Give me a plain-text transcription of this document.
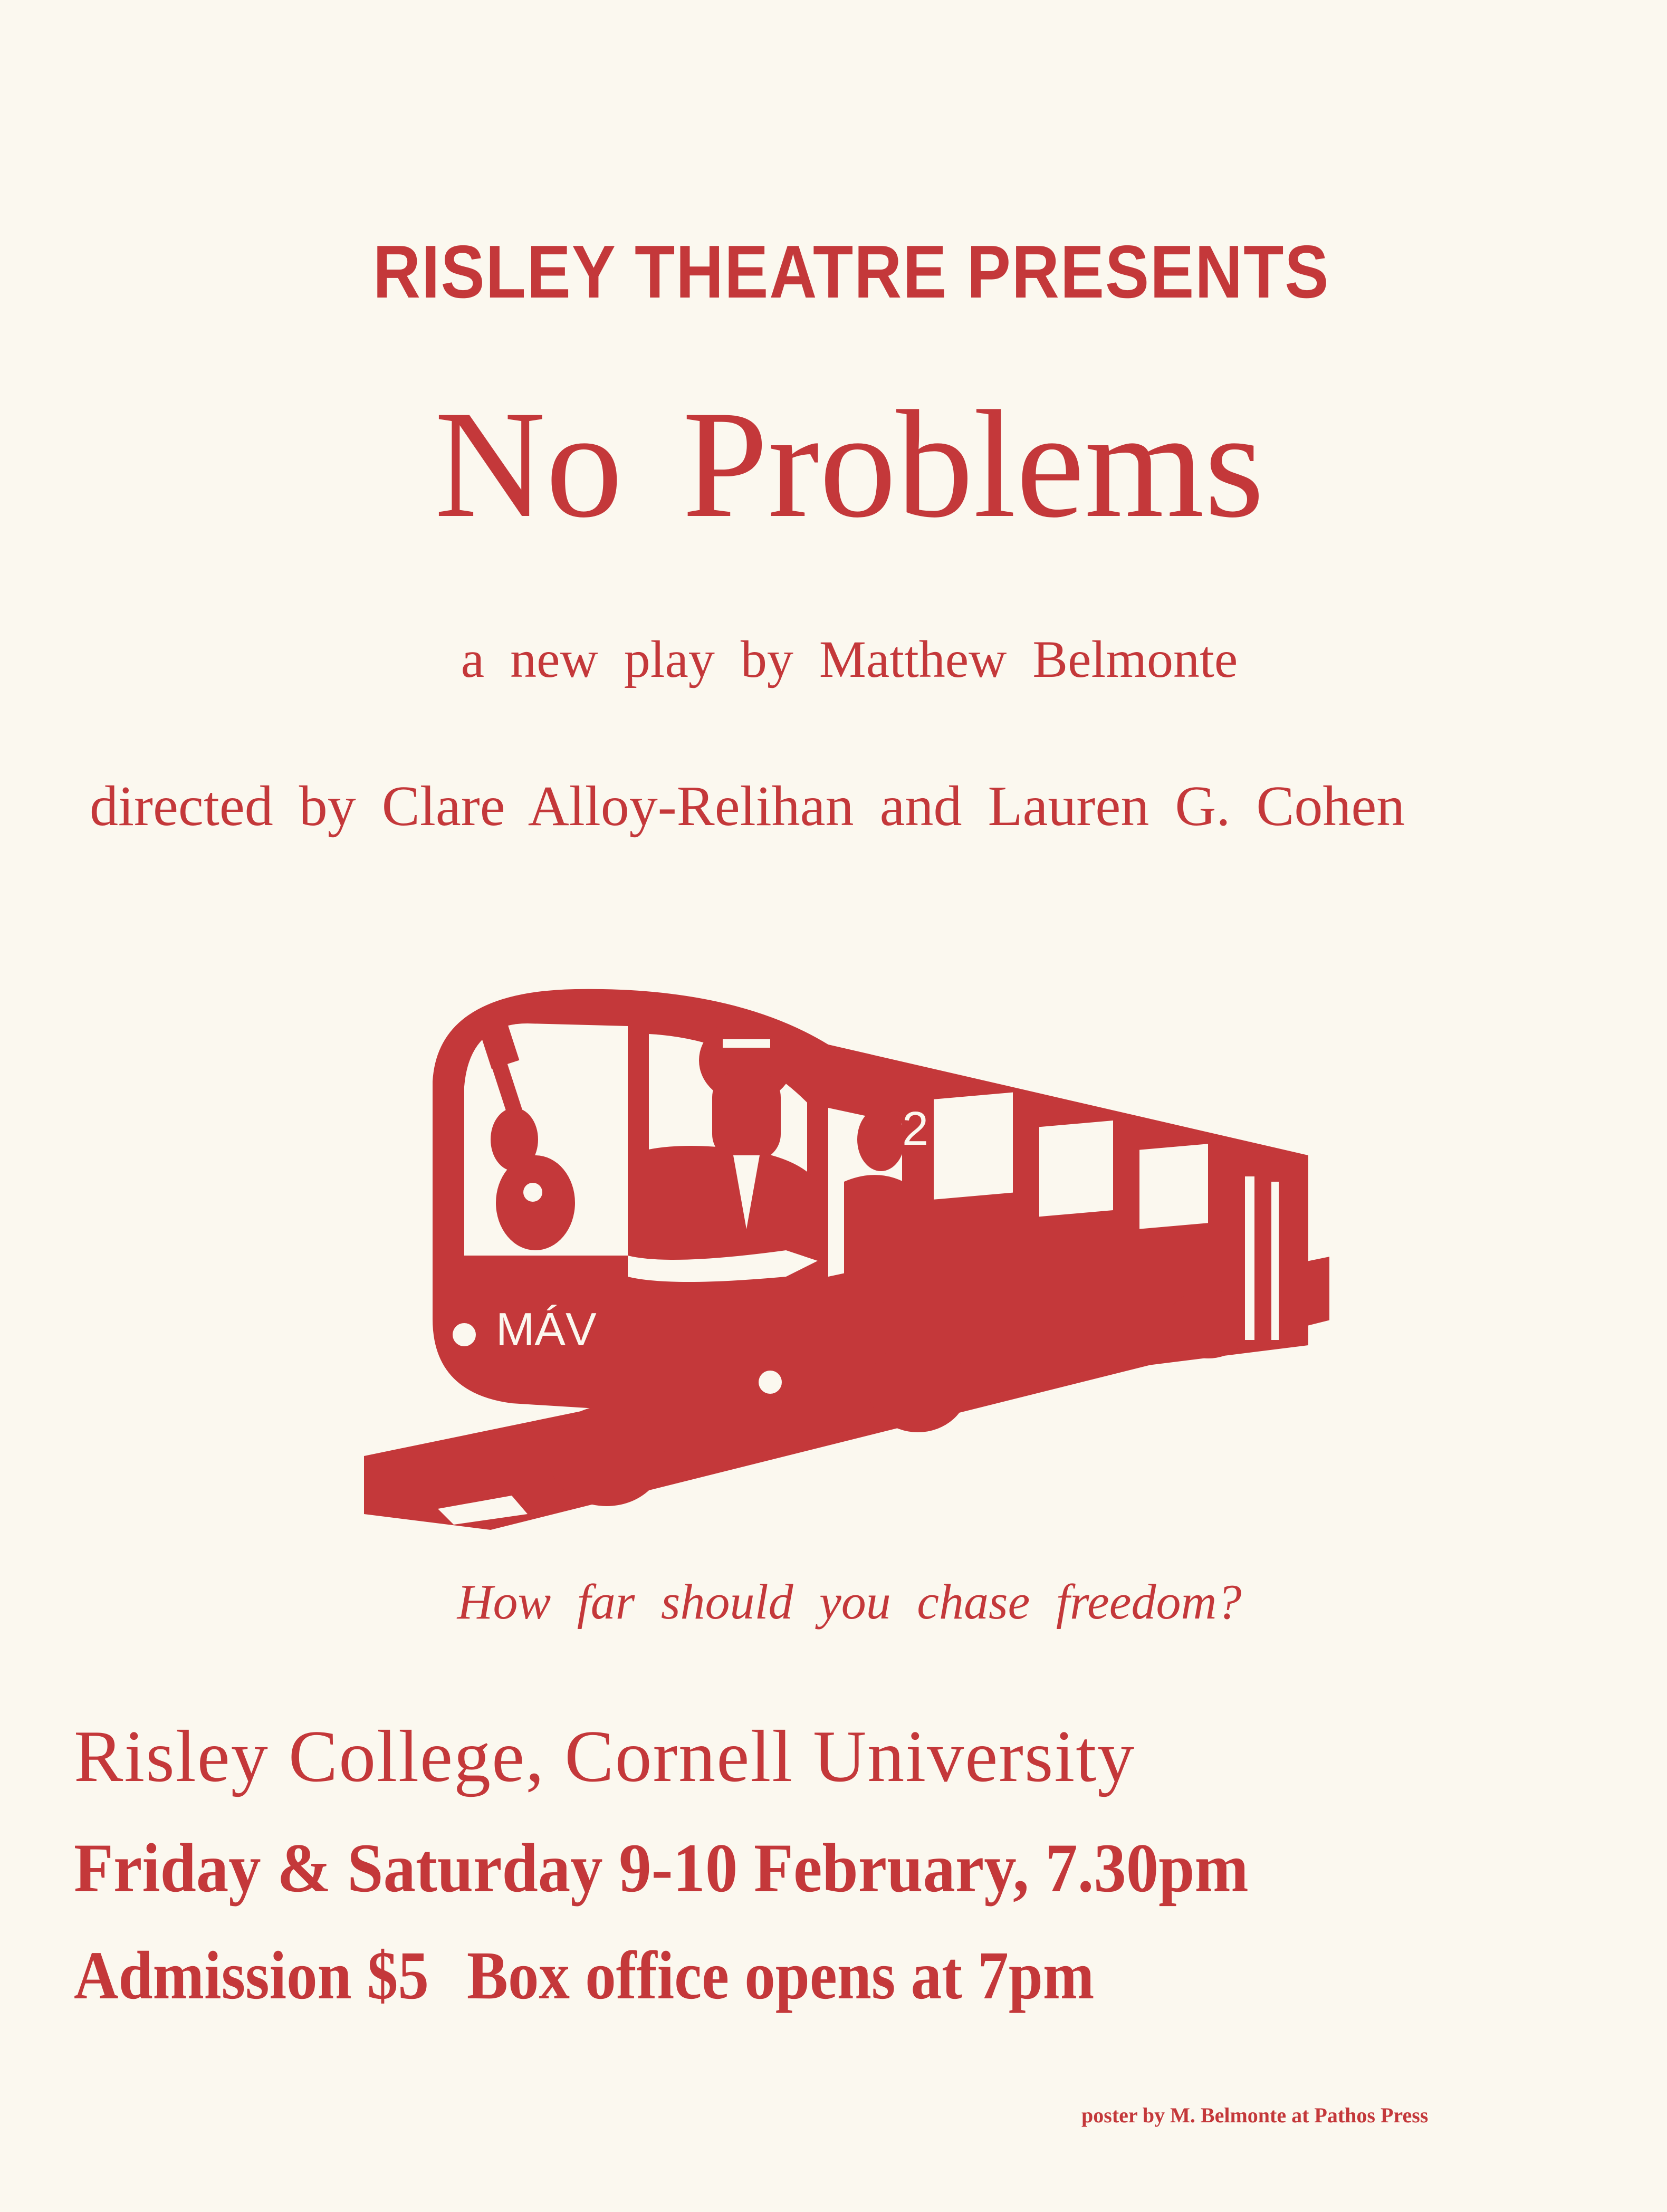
RISLEY THEATRE PRESENTS
No Problems
a new play by Matthew Belmonte
directed by Clare Alloy-Relihan and Lauren G. Cohen
MÁV
2
How far should you chase freedom?
Risley College, Cornell University
Friday & Saturday 9-10 February, 7.30pm
Admission $5 Box office opens at 7pm
poster by M. Belmonte at Pathos Press
